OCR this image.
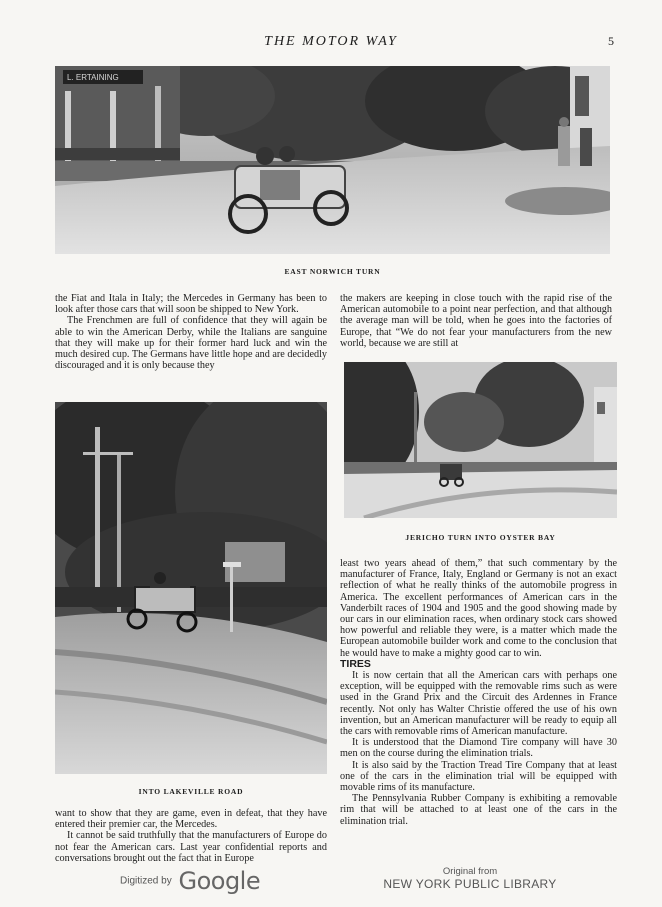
THE MOTOR WAY	5
L. ERTAINING
EAST NORWICH TURN

the Fiat and Itala in Italy; the Mercedes in Germany has been to look after those cars that will soon be shipped to New York.

The Frenchmen are full of confidence that they will again be able to win the American Derby, while the Italians are sanguine that they will make up for their former hard luck and win the much desired cup. The Germans have little hope and are decidedly discouraged and it is only because they

the makers are keeping in close touch with the rapid rise of the American automobile to a point near perfection, and that although the average man will be told, when he goes into the factories of Europe, that “We do not fear your manufacturers from the new world, because we are still at

INTO LAKEVILLE ROAD
JERICHO TURN INTO OYSTER BAY

least two years ahead of them,” that such commentary by the manufacturer of France, Italy, England or Germany is not an exact reflection of what he really thinks of the automobile progress in America. The excellent performances of American cars in the Vanderbilt races of 1904 and 1905 and the good showing made by our cars in our elimination races, when ordinary stock cars showed how powerful and reliable they were, is a matter which made the European automobile builder work and come to the conclusion that he would have to make a mighty good car to win.

TIRES

It is now certain that all the American cars with perhaps one exception, will be equipped with the removable rims such as were used in the Grand Prix and the Circuit des Ardennes in France recently. Not only has Walter Christie offered the use of his own invention, but an American manufacturer will be ready to equip all the cars with removable rims of American manufacture.

It is understood that the Diamond Tire company will have 30 men on the course during the elimination trials.

It is also said by the Traction Tread Tire Company that at least one of the cars in the elimination trial will be equipped with movable rims of its manufacture.

The Pennsylvania Rubber Company is exhibiting a removable rim that will be attached to at least one of the cars in the elimination trial.

want to show that they are game, even in defeat, that they have entered their premier car, the Mercedes.

It cannot be said truthfully that the manufacturers of Europe do not fear the American cars. Last year confidential reports and conversations brought out the fact that in Europe

Digitized by Google	Original from
NEW YORK PUBLIC LIBRARY
